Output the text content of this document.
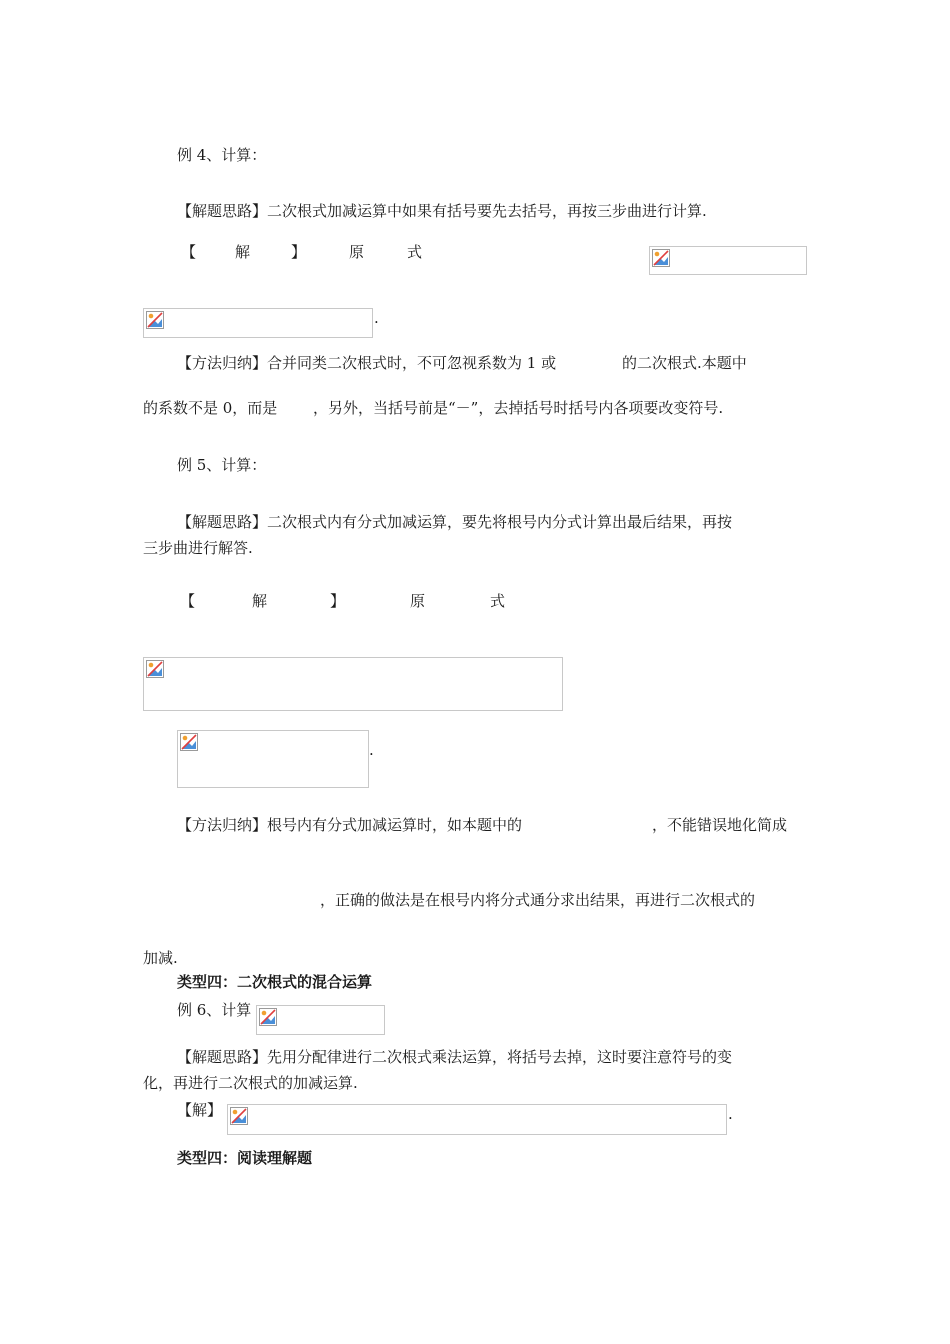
例 4、计算：
【解题思路】二次根式加减运算中如果有括号要先去括号，再按三步曲进行计算.
【	解	】	原	式
.
【方法归纳】合并同类二次根式时，不可忽视系数为 1 或	的二次根式.本题中
的系数不是 0，而是 ，另外，当括号前是“－”，去掉括号时括号内各项要改变符号.
例 5、计算：
【解题思路】二次根式内有分式加减运算，要先将根号内分式计算出最后结果，再按
三步曲进行解答.
【	解	】	原	式
.
【方法归纳】根号内有分式加减运算时，如本题中的	，不能错误地化简成
，正确的做法是在根号内将分式通分求出结果，再进行二次根式的
加减.
类型四：二次根式的混合运算
例 6、计算
【解题思路】先用分配律进行二次根式乘法运算，将括号去掉，这时要注意符号的变
化，再进行二次根式的加减运算.
【解】	.
类型四：阅读理解题
